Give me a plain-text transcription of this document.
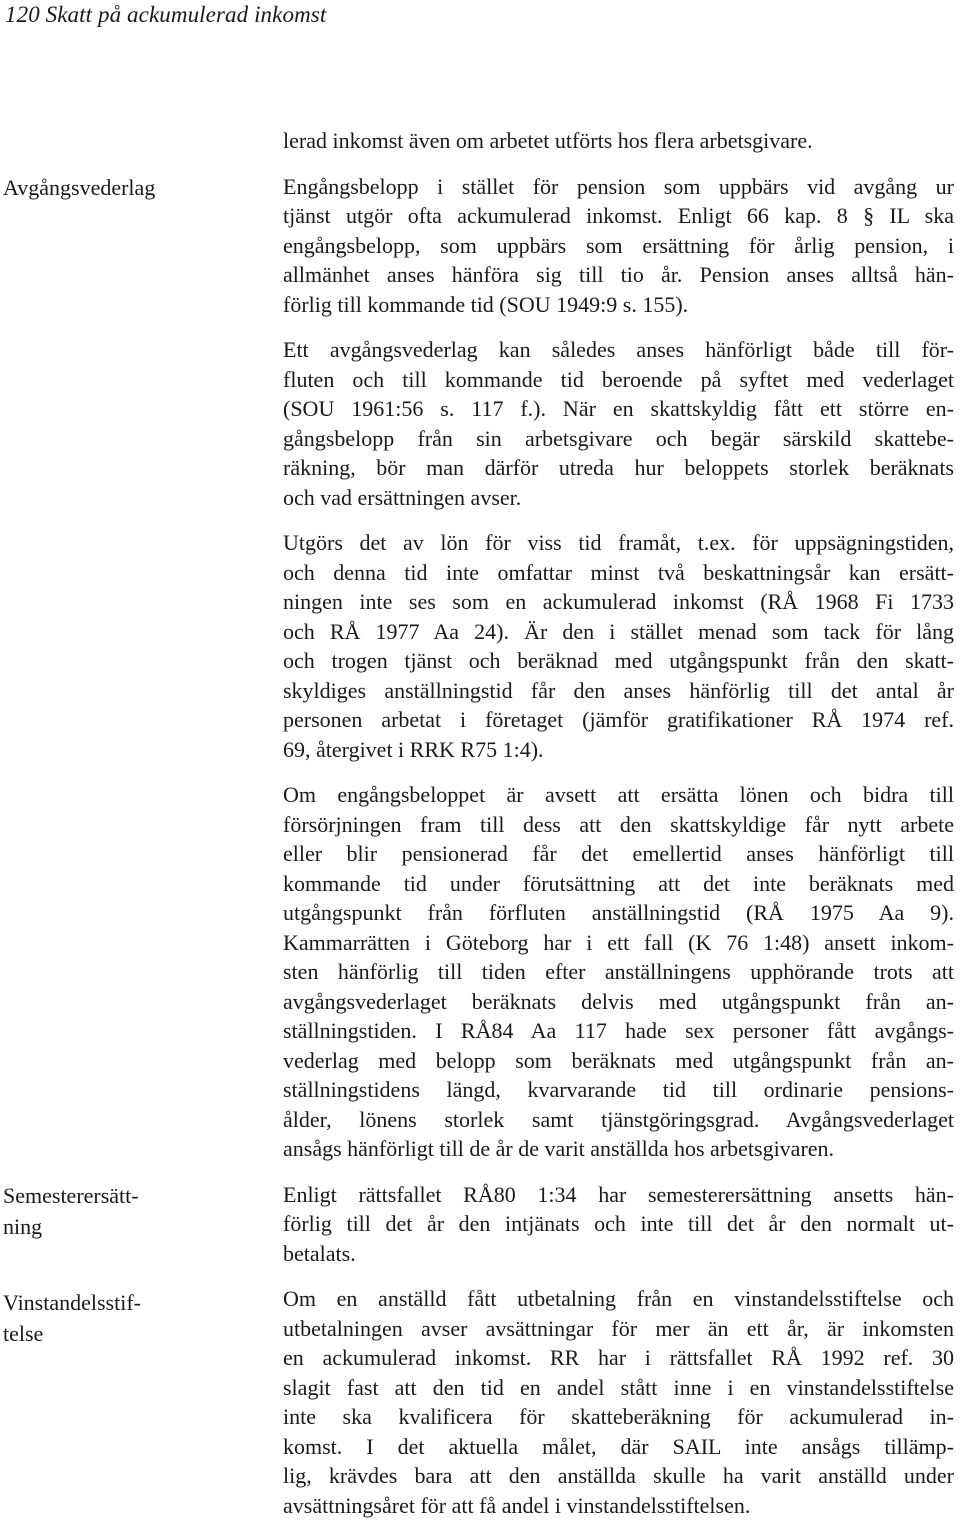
120 Skatt på ackumulerad inkomst
Avgångsvederlag
Semesterersätt-
ning
Vinstandelsstif-
telse

lerad inkomst även om arbetet utförts hos flera arbetsgivare.

Engångsbelopp i stället för pension som uppbärs vid avgång ur
tjänst utgör ofta ackumulerad inkomst. Enligt 66 kap. 8 § IL ska
engångsbelopp, som uppbärs som ersättning för årlig pension, i
allmänhet anses hänföra sig till tio år. Pension anses alltså hän-
förlig till kommande tid (SOU 1949:9 s. 155).

Ett avgångsvederlag kan således anses hänförligt både till för-
fluten och till kommande tid beroende på syftet med vederlaget
(SOU 1961:56 s. 117 f.). När en skattskyldig fått ett större en-
gångsbelopp från sin arbetsgivare och begär särskild skattebe-
räkning, bör man därför utreda hur beloppets storlek beräknats
och vad ersättningen avser.

Utgörs det av lön för viss tid framåt, t.ex. för uppsägningstiden,
och denna tid inte omfattar minst två beskattningsår kan ersätt-
ningen inte ses som en ackumulerad inkomst (RÅ 1968 Fi 1733
och RÅ 1977 Aa 24). Är den i stället menad som tack för lång
och trogen tjänst och beräknad med utgångspunkt från den skatt-
skyldiges anställningstid får den anses hänförlig till det antal år
personen arbetat i företaget (jämför gratifikationer RÅ 1974 ref.
69, återgivet i RRK R75 1:4).

Om engångsbeloppet är avsett att ersätta lönen och bidra till
försörjningen fram till dess att den skattskyldige får nytt arbete
eller blir pensionerad får det emellertid anses hänförligt till
kommande tid under förutsättning att det inte beräknats med
utgångspunkt från förfluten anställningstid (RÅ 1975 Aa 9).
Kammarrätten i Göteborg har i ett fall (K 76 1:48) ansett inkom-
sten hänförlig till tiden efter anställningens upphörande trots att
avgångsvederlaget beräknats delvis med utgångspunkt från an-
ställningstiden. I RÅ84 Aa 117 hade sex personer fått avgångs-
vederlag med belopp som beräknats med utgångspunkt från an-
ställningstidens längd, kvarvarande tid till ordinarie pensions-
ålder, lönens storlek samt tjänstgöringsgrad. Avgångsvederlaget
ansågs hänförligt till de år de varit anställda hos arbetsgivaren.

Enligt rättsfallet RÅ80 1:34 har semesterersättning ansetts hän-
förlig till det år den intjänats och inte till det år den normalt ut-
betalats.

Om en anställd fått utbetalning från en vinstandelsstiftelse och
utbetalningen avser avsättningar för mer än ett år, är inkomsten
en ackumulerad inkomst. RR har i rättsfallet RÅ 1992 ref. 30
slagit fast att den tid en andel stått inne i en vinstandelsstiftelse
inte ska kvalificera för skatteberäkning för ackumulerad in-
komst. I det aktuella målet, där SAIL inte ansågs tillämp-
lig, krävdes bara att den anställda skulle ha varit anställd under
avsättningsåret för att få andel i vinstandelsstiftelsen.
